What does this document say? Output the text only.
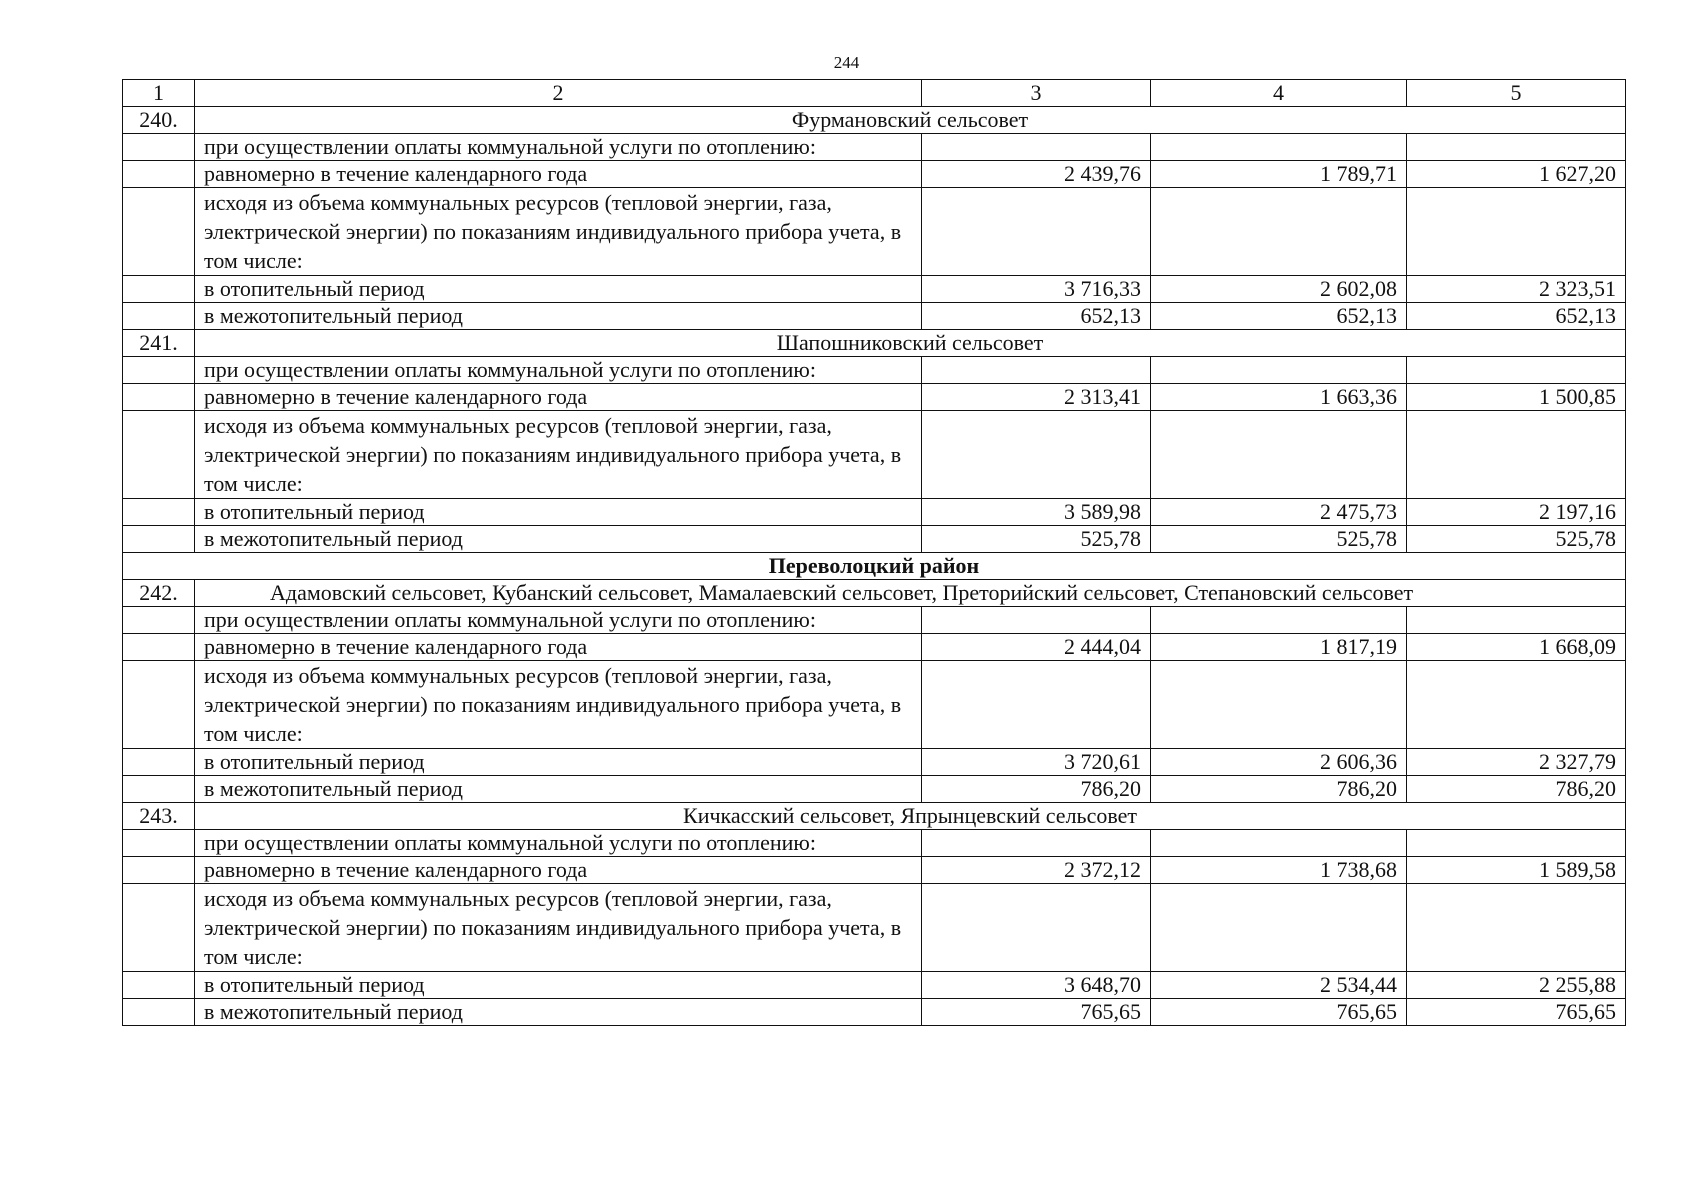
244
1	2	3	4	5
240.	Фурмановский сельсовет			
	при осуществлении оплаты коммунальной услуги по отоплению:			
	равномерно в течение календарного года	2 439,76	1 789,71	1 627,20
	исходя из объема коммунальных ресурсов (тепловой энергии, газа, электрической энергии) по показаниям индивидуального прибора учета, в том числе:			
	в отопительный период	3 716,33	2 602,08	2 323,51
	в межотопительный период	652,13	652,13	652,13
241.	Шапошниковский сельсовет			
	при осуществлении оплаты коммунальной услуги по отоплению:			
	равномерно в течение календарного года	2 313,41	1 663,36	1 500,85
	исходя из объема коммунальных ресурсов (тепловой энергии, газа, электрической энергии) по показаниям индивидуального прибора учета, в том числе:			
	в отопительный период	3 589,98	2 475,73	2 197,16
	в межотопительный период	525,78	525,78	525,78
Переволоцкий район				
242.	Адамовский сельсовет, Кубанский сельсовет, Мамалаевский сельсовет, Преторийский сельсовет, Степановский сельсовет			
	при осуществлении оплаты коммунальной услуги по отоплению:			
	равномерно в течение календарного года	2 444,04	1 817,19	1 668,09
	исходя из объема коммунальных ресурсов (тепловой энергии, газа, электрической энергии) по показаниям индивидуального прибора учета, в том числе:			
	в отопительный период	3 720,61	2 606,36	2 327,79
	в межотопительный период	786,20	786,20	786,20
243.	Кичкасский сельсовет, Япрынцевский сельсовет			
	при осуществлении оплаты коммунальной услуги по отоплению:			
	равномерно в течение календарного года	2 372,12	1 738,68	1 589,58
	исходя из объема коммунальных ресурсов (тепловой энергии, газа, электрической энергии) по показаниям индивидуального прибора учета, в том числе:			
	в отопительный период	3 648,70	2 534,44	2 255,88
	в межотопительный период	765,65	765,65	765,65
